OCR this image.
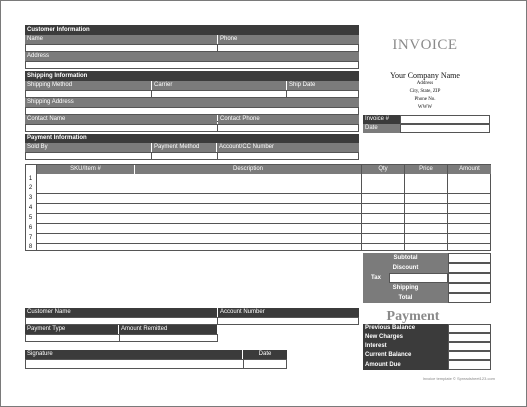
Customer Information
Name	Phone
Address
Shipping Information
Shipping Method	Carrier	Ship Date
Shipping Address
Contact Name	Contact Phone
Payment Information
Sold By	Payment Method	Account/CC Number
INVOICE
Your Company Name
Address
City, State, ZIP
Phone No.
WWW
Invoice #
Date
SKU/Item #	Description	Qty	Price	Amount
1
2
3
4
5
6
7
8
Subtotal
Discount
Tax
Shipping
Total
Customer Name	Account Number
Payment Type	Amount Remitted
Signature	Date
Payment
Previous Balance
New Charges
Interest
Current Balance
Amount Due
Invoice template © Spreadsheet123.com
